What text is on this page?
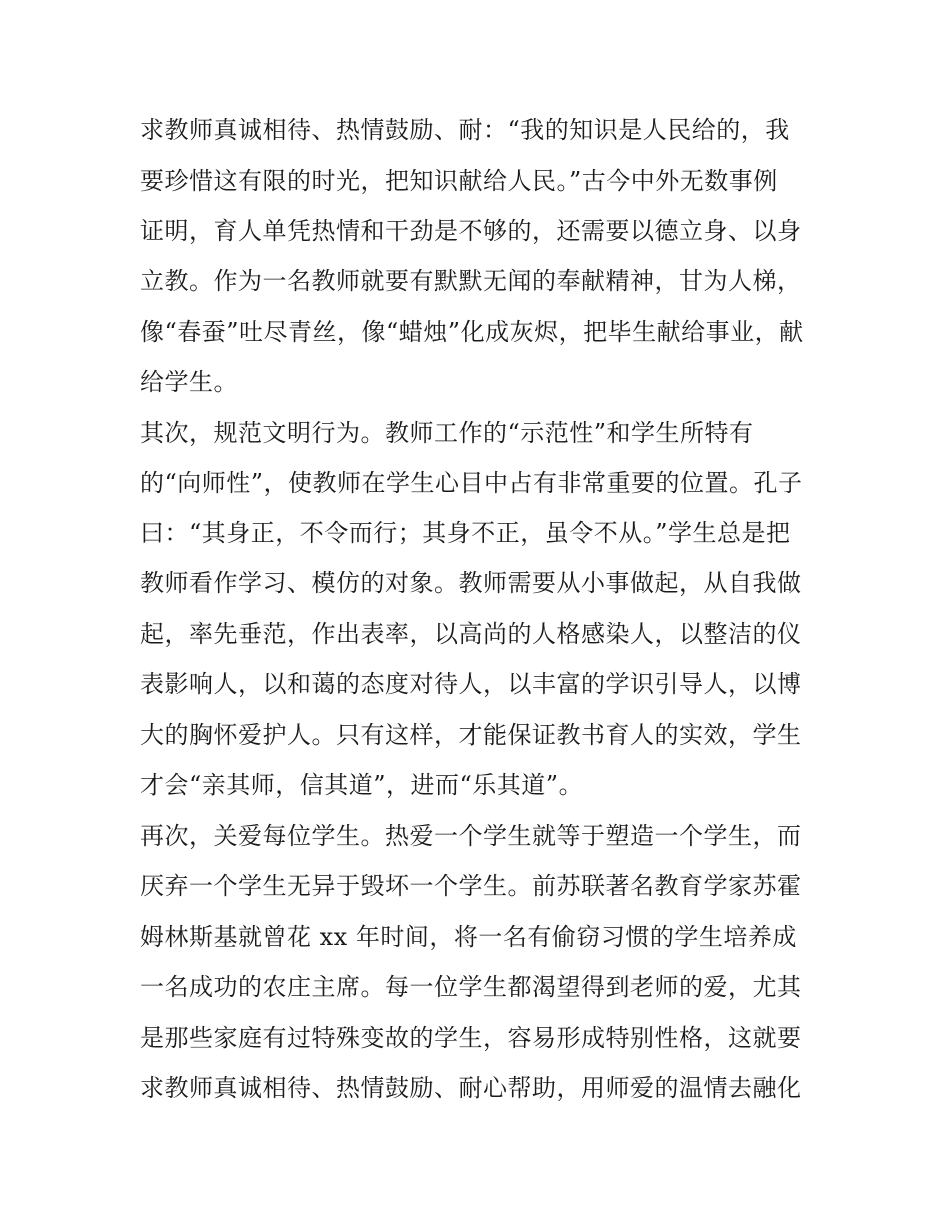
求教师真诚相待、热情鼓励、耐：“我的知识是人民给的，我
要珍惜这有限的时光，把知识献给人民。”古今中外无数事例
证明，育人单凭热情和干劲是不够的，还需要以德立身、以身
立教。作为一名教师就要有默默无闻的奉献精神，甘为人梯，
像“春蚕”吐尽青丝，像“蜡烛”化成灰烬，把毕生献给事业，献
给学生。
其次，规范文明行为。教师工作的“示范性”和学生所特有
的“向师性”，使教师在学生心目中占有非常重要的位置。孔子
曰：“其身正，不令而行；其身不正，虽令不从。”学生总是把
教师看作学习、模仿的对象。教师需要从小事做起，从自我做
起，率先垂范，作出表率，以高尚的人格感染人，以整洁的仪
表影响人，以和蔼的态度对待人，以丰富的学识引导人，以博
大的胸怀爱护人。只有这样，才能保证教书育人的实效，学生
才会“亲其师，信其道”，进而“乐其道”。
再次，关爱每位学生。热爱一个学生就等于塑造一个学生，而
厌弃一个学生无异于毁坏一个学生。前苏联著名教育学家苏霍
姆林斯基就曾花 xx 年时间，将一名有偷窃习惯的学生培养成
一名成功的农庄主席。每一位学生都渴望得到老师的爱，尤其
是那些家庭有过特殊变故的学生，容易形成特别性格，这就要
求教师真诚相待、热情鼓励、耐心帮助，用师爱的温情去融化
